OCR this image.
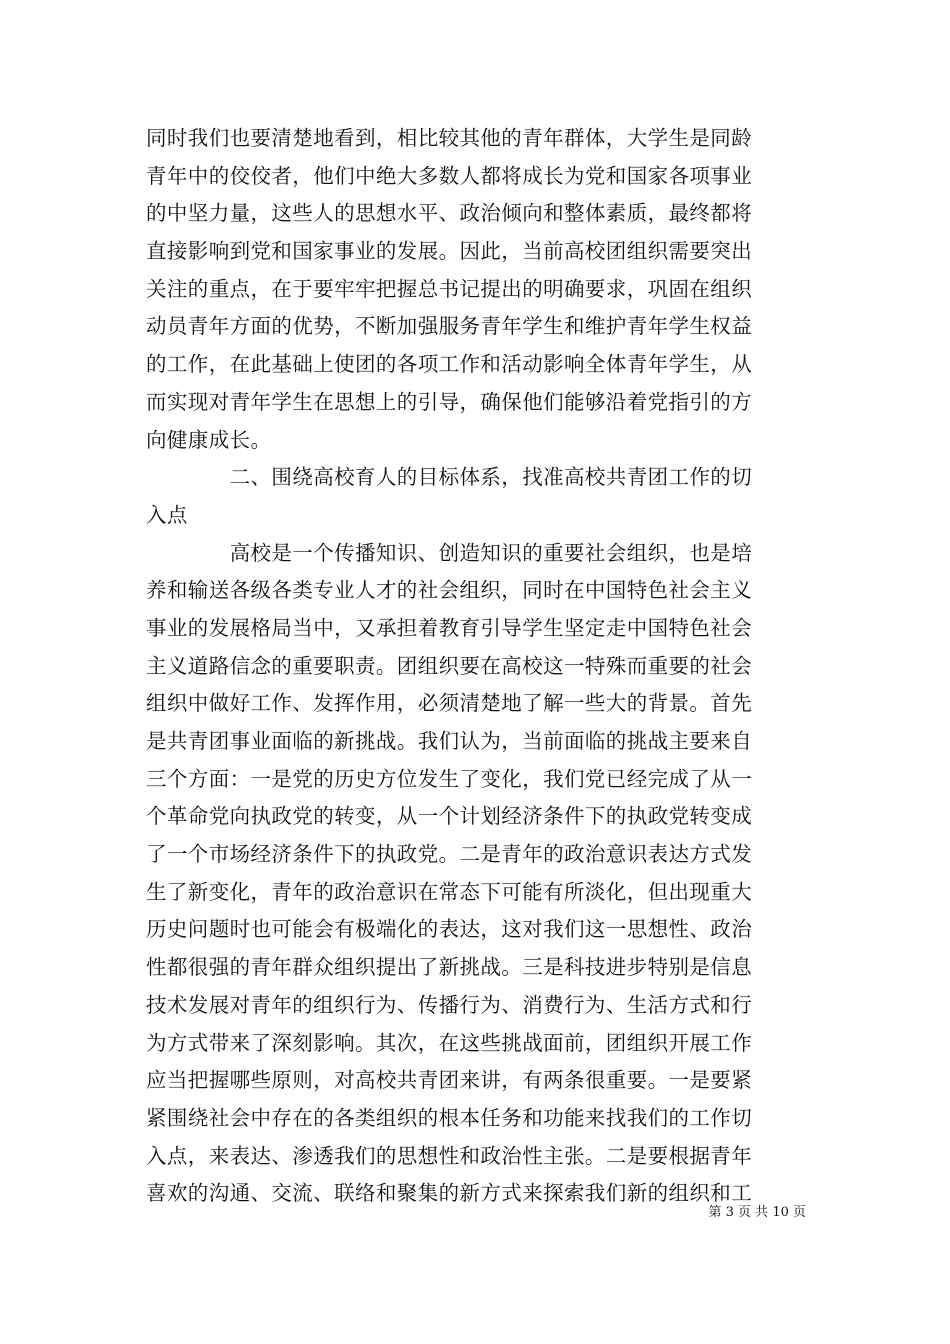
同时我们也要清楚地看到，相比较其他的青年群体，大学生是同龄
青年中的佼佼者，他们中绝大多数人都将成长为党和国家各项事业
的中坚力量，这些人的思想水平、政治倾向和整体素质，最终都将
直接影响到党和国家事业的发展。因此，当前高校团组织需要突出
关注的重点，在于要牢牢把握总书记提出的明确要求，巩固在组织
动员青年方面的优势，不断加强服务青年学生和维护青年学生权益
的工作，在此基础上使团的各项工作和活动影响全体青年学生，从
而实现对青年学生在思想上的引导，确保他们能够沿着党指引的方
向健康成长。
　　　　二、围绕高校育人的目标体系，找准高校共青团工作的切
入点
　　　　高校是一个传播知识、创造知识的重要社会组织，也是培
养和输送各级各类专业人才的社会组织，同时在中国特色社会主义
事业的发展格局当中，又承担着教育引导学生坚定走中国特色社会
主义道路信念的重要职责。团组织要在高校这一特殊而重要的社会
组织中做好工作、发挥作用，必须清楚地了解一些大的背景。首先
是共青团事业面临的新挑战。我们认为，当前面临的挑战主要来自
三个方面：一是党的历史方位发生了变化，我们党已经完成了从一
个革命党向执政党的转变，从一个计划经济条件下的执政党转变成
了一个市场经济条件下的执政党。二是青年的政治意识表达方式发
生了新变化，青年的政治意识在常态下可能有所淡化，但出现重大
历史问题时也可能会有极端化的表达，这对我们这一思想性、政治
性都很强的青年群众组织提出了新挑战。三是科技进步特别是信息
技术发展对青年的组织行为、传播行为、消费行为、生活方式和行
为方式带来了深刻影响。其次，在这些挑战面前，团组织开展工作
应当把握哪些原则，对高校共青团来讲，有两条很重要。一是要紧
紧围绕社会中存在的各类组织的根本任务和功能来找我们的工作切
入点，来表达、渗透我们的思想性和政治性主张。二是要根据青年
喜欢的沟通、交流、联络和聚集的新方式来探索我们新的组织和工
第 3 页 共 10 页
